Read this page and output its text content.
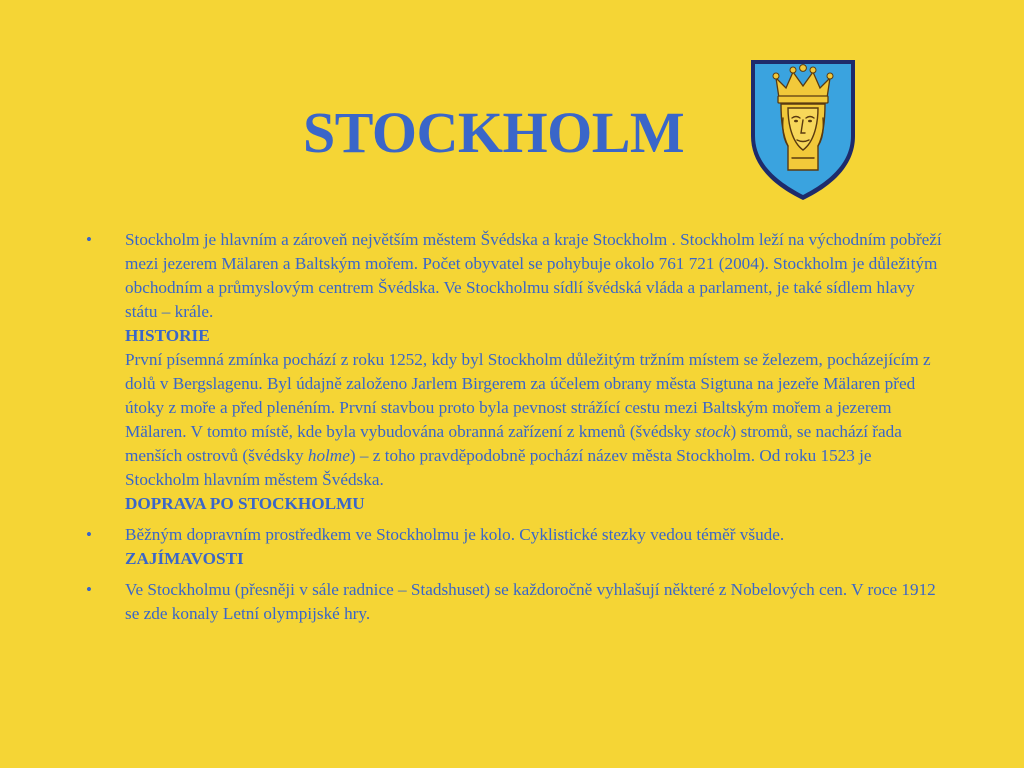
STOCKHOLM
•	Stockholm je hlavním a zároveň největším městem Švédska a kraje Stockholm . Stockholm leží na východním pobřeží mezi jezerem Mälaren a Baltským mořem. Počet obyvatel se pohybuje okolo 761 721 (2004). Stockholm je důležitým obchodním a průmyslovým centrem Švédska. Ve Stockholmu sídlí švédská vláda a parlament, je také sídlem hlavy státu – krále.

HISTORIE

První písemná zmínka pochází z roku 1252, kdy byl Stockholm důležitým tržním místem se železem, pocházejícím z dolů v Bergslagenu. Byl údajně založeno Jarlem Birgerem za účelem obrany města Sigtuna na jezeře Mälaren před útoky z moře a před plenéním. První stavbou proto byla pevnost strážící cestu mezi Baltským mořem a jezerem Mälaren. V tomto místě, kde byla vybudována obranná zařízení z kmenů (švédsky stock) stromů, se nachází řada menších ostrovů (švédsky holme) – z toho pravděpodobně pochází název města Stockholm. Od roku 1523 je Stockholm hlavním městem Švédska.

DOPRAVA PO STOCKHOLMU
•	Běžným dopravním prostředkem ve Stockholmu je kolo. Cyklistické stezky vedou téměř všude.

ZAJÍMAVOSTI
•	Ve Stockholmu (přesněji v sále radnice – Stadshuset) se každoročně vyhlašují některé z Nobelových cen. V roce 1912 se zde konaly Letní olympijské hry.
